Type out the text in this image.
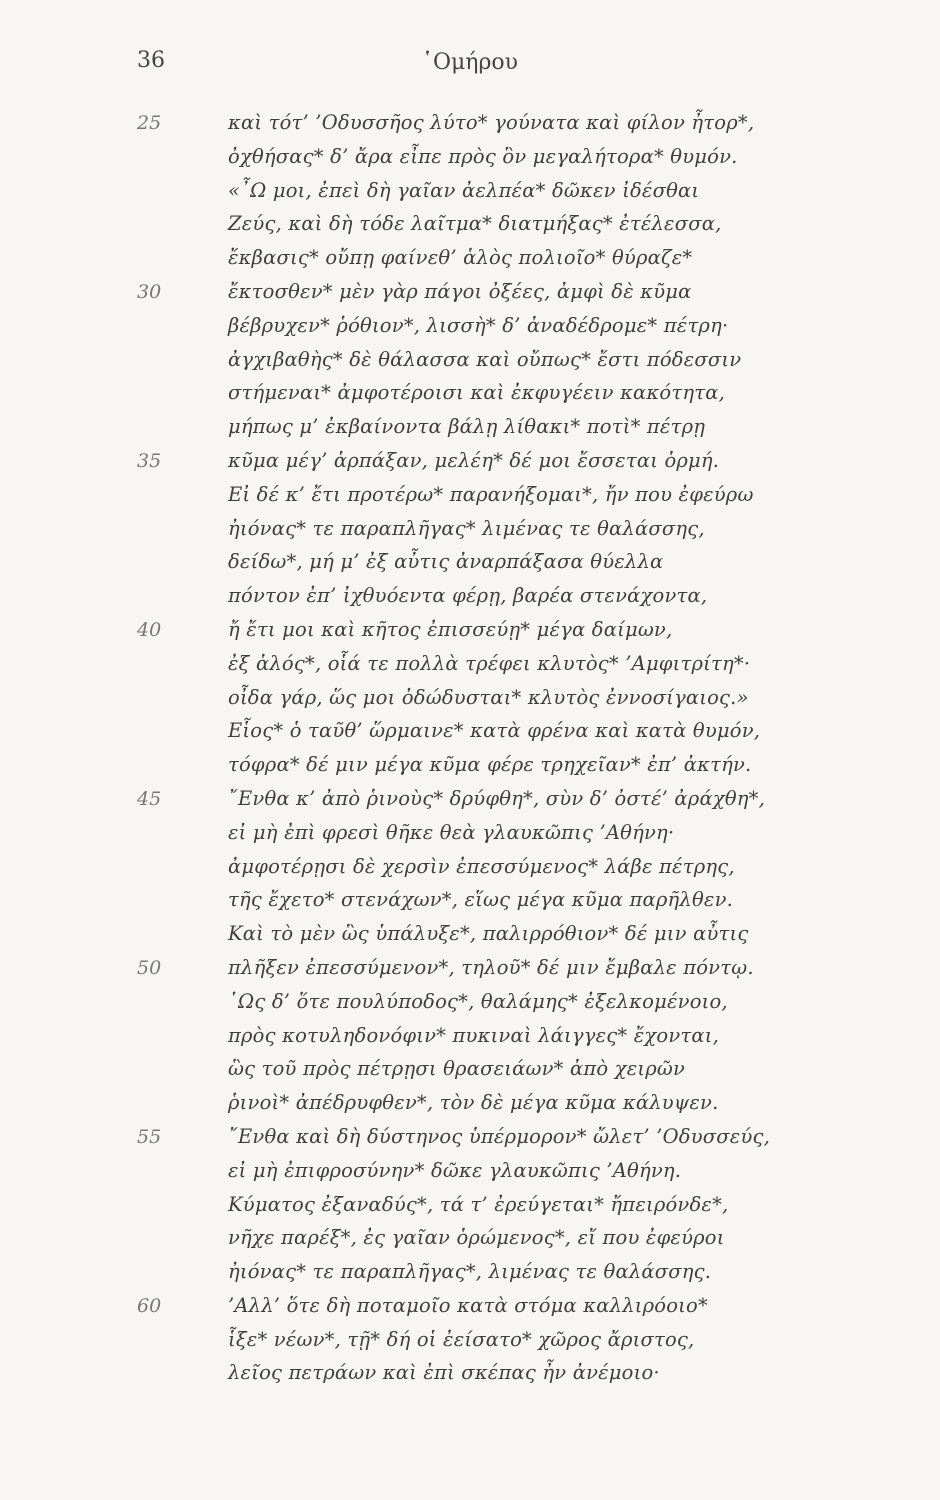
36	῾Ομήρου
25	καὶ τότ’ ’Οδυσσῆος λύτο* γούνατα καὶ φίλον ἦτορ*,
ὀχθήσας* δ’ ἄρα εἶπε πρὸς ὃν μεγαλήτορα* θυμόν.
«῏Ω μοι, ἐπεὶ δὴ γαῖαν ἀελπέα* δῶκεν ἰδέσθαι
Ζεύς, καὶ δὴ τόδε λαῖτμα* διατμήξας* ἐτέλεσσα,
ἔκβασις* οὔπῃ φαίνεθ’ ἁλὸς πολιοῖο* θύραζε*
30	ἔκτοσθεν* μὲν γὰρ πάγοι ὀξέες, ἀμφὶ δὲ κῦμα
βέβρυχεν* ῥόθιον*, λισσὴ* δ’ ἀναδέδρομε* πέτρη·
ἀγχιβαθὴς* δὲ θάλασσα καὶ οὔπως* ἔστι πόδεσσιν
στήμεναι* ἀμφοτέροισι καὶ ἐκφυγέειν κακότητα,
μήπως μ’ ἐκβαίνοντα βάλῃ λίθακι* ποτὶ* πέτρῃ
35	κῦμα μέγ’ ἁρπάξαν, μελέη* δέ μοι ἔσσεται ὁρμή.
Εἰ δέ κ’ ἔτι προτέρω* παρανήξομαι*, ἤν που ἐφεύρω
ἠιόνας* τε παραπλῆγας* λιμένας τε θαλάσσης,
δείδω*, μή μ’ ἐξ αὖτις ἀναρπάξασα θύελλα
πόντον ἐπ’ ἰχθυόεντα φέρῃ, βαρέα στενάχοντα,
40	ἤ ἔτι μοι καὶ κῆτος ἐπισσεύῃ* μέγα δαίμων,
ἐξ ἁλός*, οἷά τε πολλὰ τρέφει κλυτὸς* ’Αμφιτρίτη*·
οἶδα γάρ, ὥς μοι ὀδώδυσται* κλυτὸς ἐννοσίγαιος.»
Εἷος* ὁ ταῦθ’ ὥρμαινε* κατὰ φρένα καὶ κατὰ θυμόν,
τόφρα* δέ μιν μέγα κῦμα φέρε τρηχεῖαν* ἐπ’ ἀκτήν.
45	῎Ενθα κ’ ἀπὸ ῥινοὺς* δρύφθη*, σὺν δ’ ὀστέ’ ἀράχθη*,
εἰ μὴ ἐπὶ φρεσὶ θῆκε θεὰ γλαυκῶπις ’Αθήνη·
ἀμφοτέρῃσι δὲ χερσὶν ἐπεσσύμενος* λάβε πέτρης,
τῆς ἔχετο* στενάχων*, εἵως μέγα κῦμα παρῆλθεν.
Καὶ τὸ μὲν ὣς ὑπάλυξε*, παλιρρόθιον* δέ μιν αὖτις
50	πλῆξεν ἐπεσσύμενον*, τηλοῦ* δέ μιν ἔμβαλε πόντῳ.
῾Ως δ’ ὅτε πουλύποδος*, θαλάμης* ἐξελκομένοιο,
πρὸς κοτυληδονόφιν* πυκιναὶ λάιγγες* ἔχονται,
ὣς τοῦ πρὸς πέτρῃσι θρασειάων* ἀπὸ χειρῶν
ῥινοὶ* ἀπέδρυφθεν*, τὸν δὲ μέγα κῦμα κάλυψεν.
55	῎Ενθα καὶ δὴ δύστηνος ὑπέρμορον* ὤλετ’ ’Οδυσσεύς,
εἰ μὴ ἐπιφροσύνην* δῶκε γλαυκῶπις ’Αθήνη.
Κύματος ἐξαναδύς*, τά τ’ ἐρεύγεται* ἤπειρόνδε*,
νῆχε παρέξ*, ἐς γαῖαν ὁρώμενος*, εἴ που ἐφεύροι
ἠιόνας* τε παραπλῆγας*, λιμένας τε θαλάσσης.
60	’Αλλ’ ὅτε δὴ ποταμοῖο κατὰ στόμα καλλιρόοιο*
ἷξε* νέων*, τῇ* δή οἱ ἐείσατο* χῶρος ἄριστος,
λεῖος πετράων καὶ ἐπὶ σκέπας ἦν ἀνέμοιο·
